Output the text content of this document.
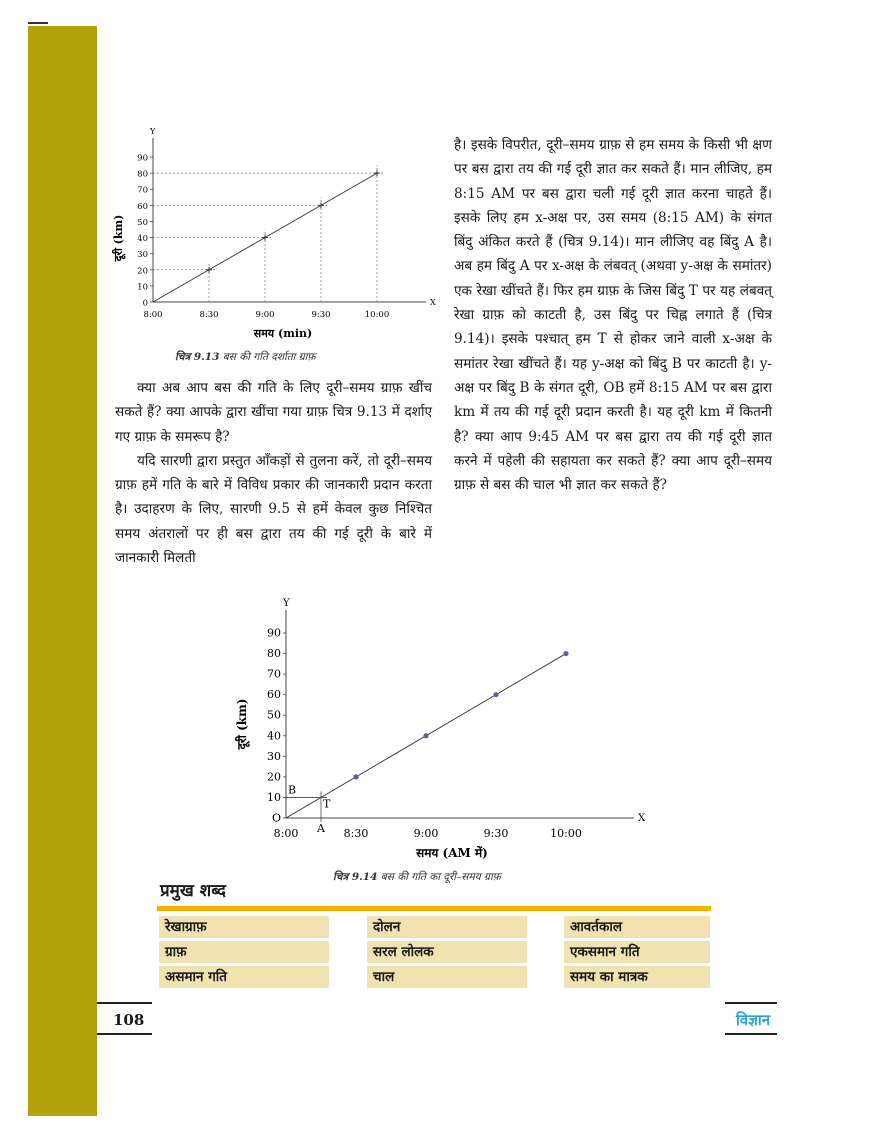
X
Y
0
10
20
30
40
50
60
70
80
90
8:00	8:30	9:00	9:30	10:00
समय (min)
दूरी (km)
चित्र 9.13 बस की गति दर्शाता ग्राफ़

क्या अब आप बस की गति के लिए दूरी–समय ग्राफ़ खींच सकते हैं? क्या आपके द्वारा खींचा गया ग्राफ़ चित्र 9.13 में दर्शाए गए ग्राफ़ के समरूप है?

यदि सारणी द्वारा प्रस्तुत आँकड़ों से तुलना करें, तो दूरी–समय ग्राफ़ हमें गति के बारे में विविध प्रकार की जानकारी प्रदान करता है। उदाहरण के लिए, सारणी 9.5 से हमें केवल कुछ निश्चित समय अंतरालों पर ही बस द्वारा तय की गई दूरी के बारे में जानकारी मिलती

है। इसके विपरीत, दूरी–समय ग्राफ़ से हम समय के किसी भी क्षण पर बस द्वारा तय की गई दूरी ज्ञात कर सकते हैं। मान लीजिए, हम 8:15 AM पर बस द्वारा चली गई दूरी ज्ञात करना चाहते हैं। इसके लिए हम x-अक्ष पर, उस समय (8:15 AM) के संगत बिंदु अंकित करते हैं (चित्र 9.14)। मान लीजिए वह बिंदु A है। अब हम बिंदु A पर x-अक्ष के लंबवत् (अथवा y-अक्ष के समांतर) एक रेखा खींचते हैं। फिर हम ग्राफ़ के जिस बिंदु T पर यह लंबवत् रेखा ग्राफ़ को काटती है, उस बिंदु पर चिह्न लगाते हैं (चित्र 9.14)। इसके पश्चात् हम T से होकर जाने वाली x-अक्ष के समांतर रेखा खींचते हैं। यह y-अक्ष को बिंदु B पर काटती है। y-अक्ष पर बिंदु B के संगत दूरी, OB हमें 8:15 AM पर बस द्वारा km में तय की गई दूरी प्रदान करती है। यह दूरी km में कितनी है? क्या आप 9:45 AM पर बस द्वारा तय की गई दूरी ज्ञात करने में पहेली की सहायता कर सकते हैं? क्या आप दूरी–समय ग्राफ़ से बस की चाल भी ज्ञात कर सकते हैं?

X
Y
O
10
20
30
40
50
60
70
80
90
8:00	8:30	9:00	9:30	10:00
समय (AM में)
दूरी (km)
A
B
T
चित्र 9.14 बस की गति का दूरी–समय ग्राफ़
प्रमुख शब्द
रेखाग्राफ़	दोलन	आवर्तकाल
ग्राफ़	सरल लोलक	एकसमान गति
असमान गति	चाल	समय का मात्रक
108	विज्ञान
